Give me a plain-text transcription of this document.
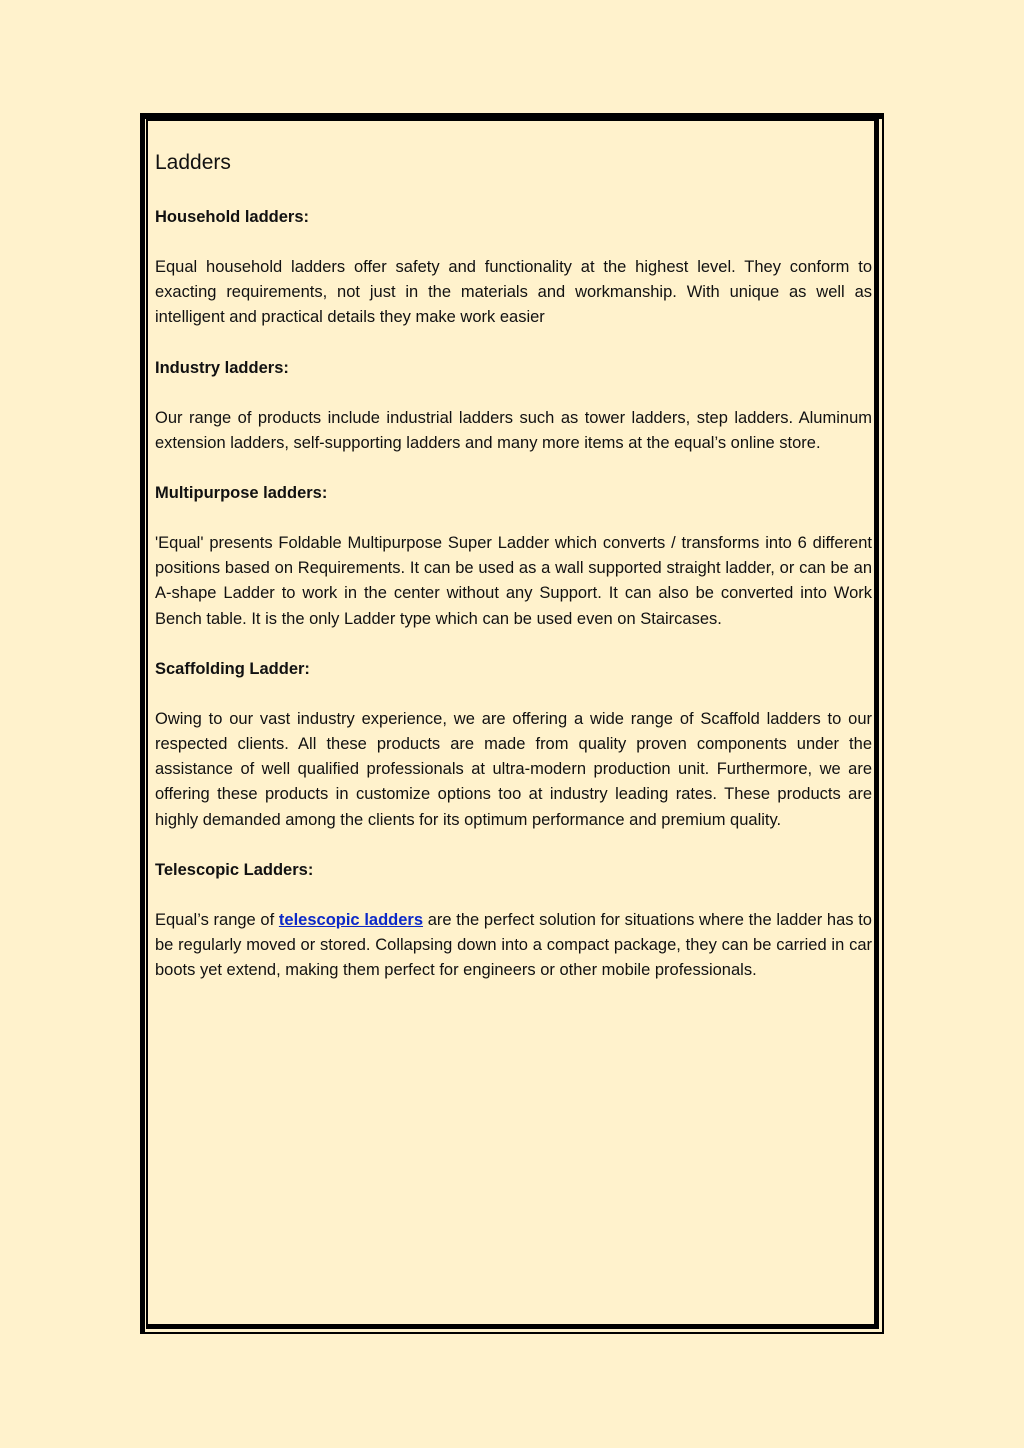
Ladders
Household ladders:

Equal household ladders offer safety and functionality at the highest level. They conform to exacting requirements, not just in the materials and workmanship. With unique as well as intelligent and practical details they make work easier

Industry ladders:

Our range of products include industrial ladders such as tower ladders, step ladders. Aluminum extension ladders, self-supporting ladders and many more items at the equal’s online store.

Multipurpose ladders:

'Equal' presents Foldable Multipurpose Super Ladder which converts / transforms into 6 different positions based on Requirements. It can be used as a wall supported straight ladder, or can be an A-shape Ladder to work in the center without any Support. It can also be converted into Work Bench table. It is the only Ladder type which can be used even on Staircases.

Scaffolding Ladder:

Owing to our vast industry experience, we are offering a wide range of Scaffold ladders to our respected clients. All these products are made from quality proven components under the assistance of well qualified professionals at ultra-modern production unit. Furthermore, we are offering these products in customize options too at industry leading rates. These products are highly demanded among the clients for its optimum performance and premium quality.

Telescopic Ladders:

Equal’s range of telescopic ladders are the perfect solution for situations where the ladder has to be regularly moved or stored. Collapsing down into a compact package, they can be carried in car boots yet extend, making them perfect for engineers or other mobile professionals.
